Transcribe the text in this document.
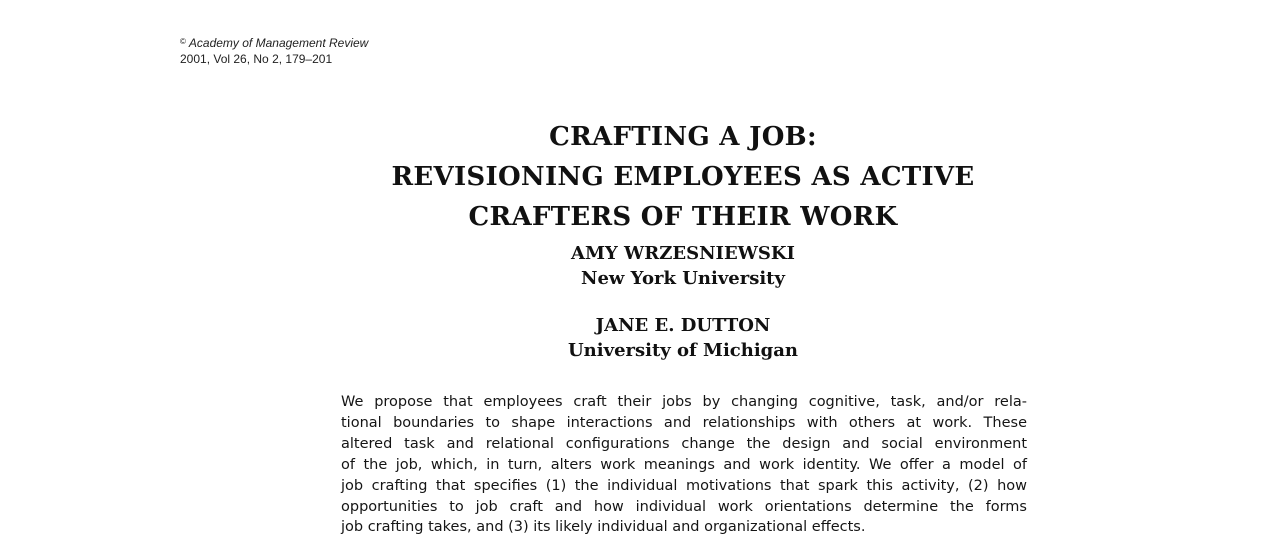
© Academy of Management Review
2001, Vol 26, No 2, 179–201
CRAFTING A JOB:
REVISIONING EMPLOYEES AS ACTIVE
CRAFTERS OF THEIR WORK
AMY WRZESNIEWSKI
New York University
JANE E. DUTTON
University of Michigan
We propose that employees craft their jobs by changing cognitive, task, and/or rela-
tional boundaries to shape interactions and relationships with others at work. These
altered task and relational configurations change the design and social environment
of the job, which, in turn, alters work meanings and work identity. We offer a model of
job crafting that specifies (1) the individual motivations that spark this activity, (2) how
opportunities to job craft and how individual work orientations determine the forms
job crafting takes, and (3) its likely individual and organizational effects.
